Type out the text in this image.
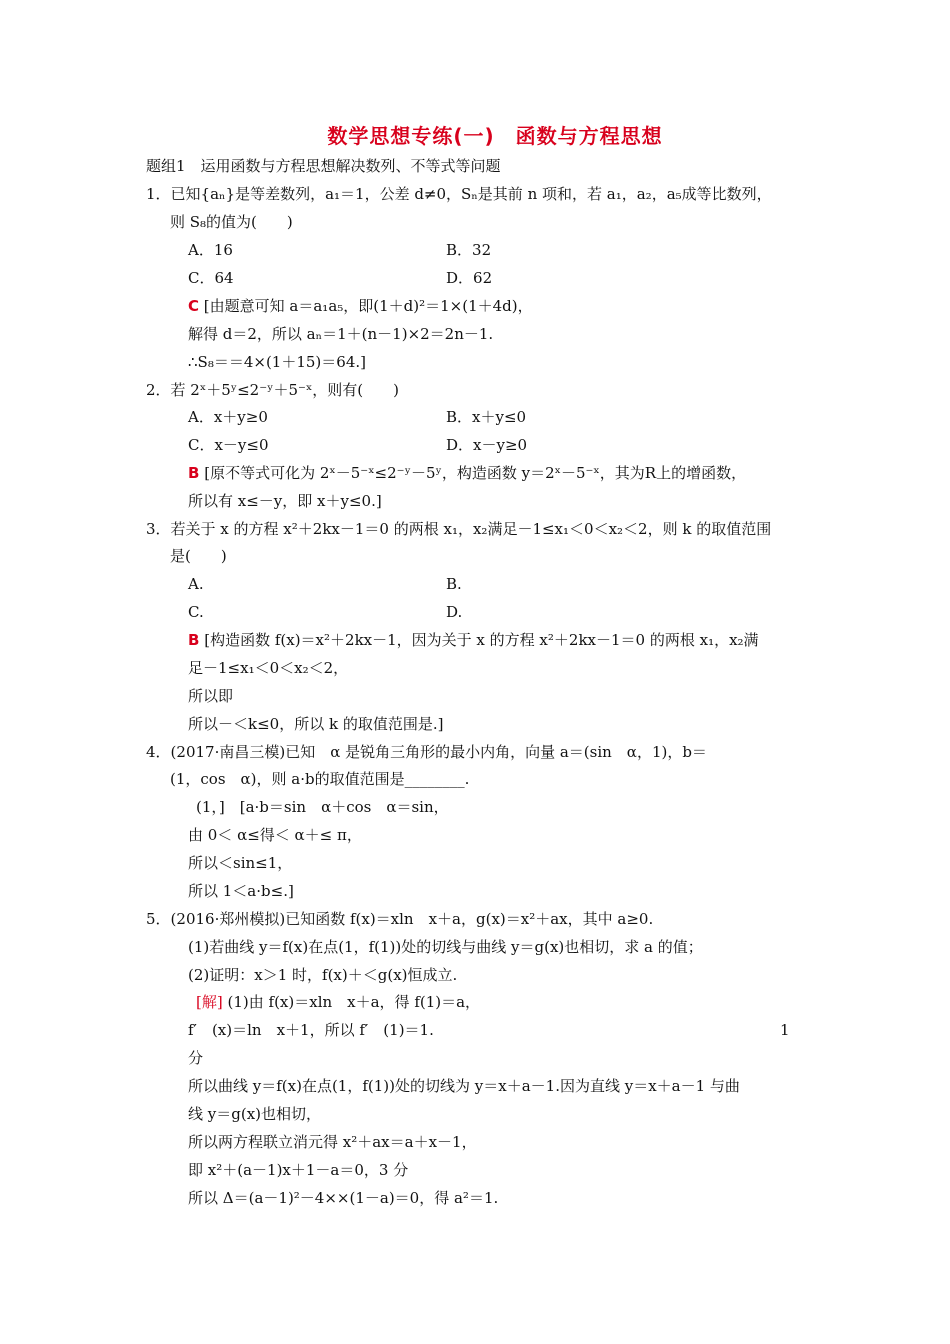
数学思想专练(一)　函数与方程思想
题组1　运用函数与方程思想解决数列、不等式等问题
1．已知{aₙ}是等差数列，a₁＝1，公差 d≠0，Sₙ是其前 n 项和，若 a₁，a₂，a₅成等比数列，
则 S₈的值为(　　)
A．16	B．32
C．64	D．62
C [由题意可知 a＝a₁a₅，即(1＋d)²＝1×(1＋4d)，
解得 d＝2，所以 aₙ＝1＋(n－1)×2＝2n－1.
∴S₈＝＝4×(1＋15)＝64.]
2．若 2ˣ＋5ʸ≤2⁻ʸ＋5⁻ˣ，则有(　　)
A．x＋y≥0	B．x＋y≤0
C．x－y≤0	D．x－y≥0
B [原不等式可化为 2ˣ－5⁻ˣ≤2⁻ʸ－5ʸ，构造函数 y＝2ˣ－5⁻ˣ，其为R上的增函数，
所以有 x≤－y，即 x＋y≤0.]
3．若关于 x 的方程 x²＋2kx－1＝0 的两根 x₁，x₂满足－1≤x₁＜0＜x₂＜2，则 k 的取值范围
是(　　)
A.	B.
C.	D.
B [构造函数 f(x)＝x²＋2kx－1，因为关于 x 的方程 x²＋2kx－1＝0 的两根 x₁，x₂满
足－1≤x₁＜0＜x₂＜2，
所以即
所以－＜k≤0，所以 k 的取值范围是.]
4．(2017·南昌三模)已知　α 是锐角三角形的最小内角，向量 a＝(sin　α，1)，b＝
(1，cos　α)，则 a·b的取值范围是________.
(1，]　[a·b＝sin　α＋cos　α＝sin，
由 0＜ α≤得＜ α＋≤ π，
所以＜sin≤1，
所以 1＜a·b≤.]
5．(2016·郑州模拟)已知函数 f(x)＝xln　x＋a，g(x)＝x²＋ax，其中 a≥0.
(1)若曲线 y＝f(x)在点(1，f(1))处的切线与曲线 y＝g(x)也相切，求 a 的值；
(2)证明：x＞1 时，f(x)＋＜g(x)恒成立.
[解] (1)由 f(x)＝xln　x＋a，得 f(1)＝a，
f′　(x)＝ln　x＋1，所以 f′　(1)＝1.	1
分
所以曲线 y＝f(x)在点(1，f(1))处的切线为 y＝x＋a－1.因为直线 y＝x＋a－1 与曲
线 y＝g(x)也相切，
所以两方程联立消元得 x²＋ax＝a＋x－1，
即 x²＋(a－1)x＋1－a＝0，3 分
所以 Δ＝(a－1)²－4××(1－a)＝0，得 a²＝1.
